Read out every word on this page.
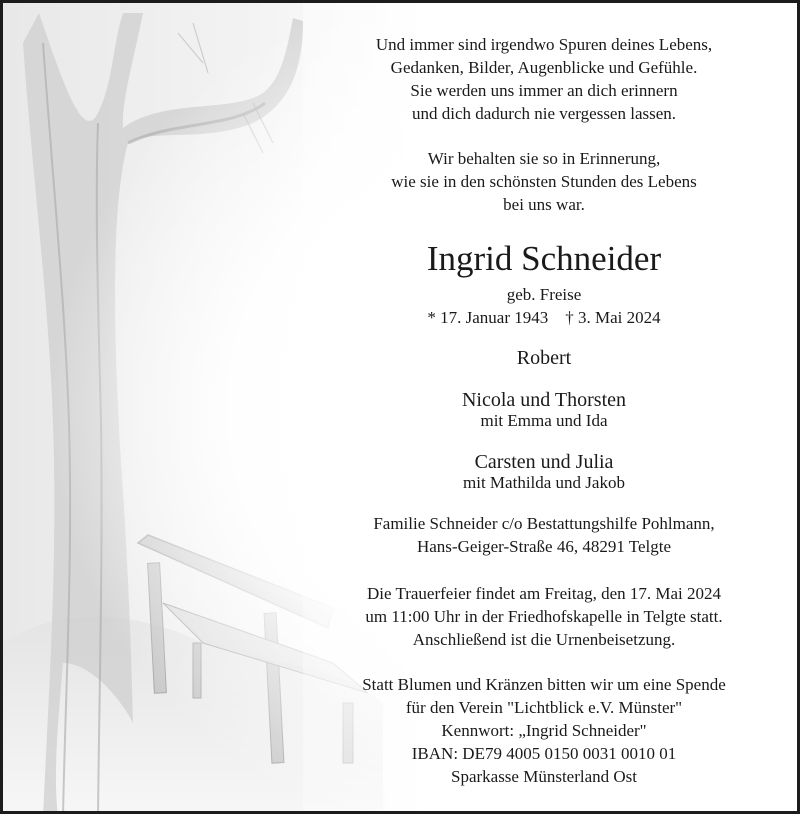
Und immer sind irgendwo Spuren deines Lebens,
Gedanken, Bilder, Augenblicke und Gefühle.
Sie werden uns immer an dich erinnern
und dich dadurch nie vergessen lassen.
Wir behalten sie so in Erinnerung,
wie sie in den schönsten Stunden des Lebens
bei uns war.
Ingrid Schneider
geb. Freise
* 17. Januar 1943    † 3. Mai 2024
Robert
Nicola und Thorsten
mit Emma und Ida
Carsten und Julia
mit Mathilda und Jakob
Familie Schneider c/o Bestattungshilfe Pohlmann,
Hans-Geiger-Straße 46, 48291 Telgte
Die Trauerfeier findet am Freitag, den 17. Mai 2024
um 11:00 Uhr in der Friedhofskapelle in Telgte statt.
Anschließend ist die Urnenbeisetzung.
Statt Blumen und Kränzen bitten wir um eine Spende
für den Verein "Lichtblick e.V. Münster"
Kennwort: „Ingrid Schneider"
IBAN: DE79 4005 0150 0031 0010 01
Sparkasse Münsterland Ost
